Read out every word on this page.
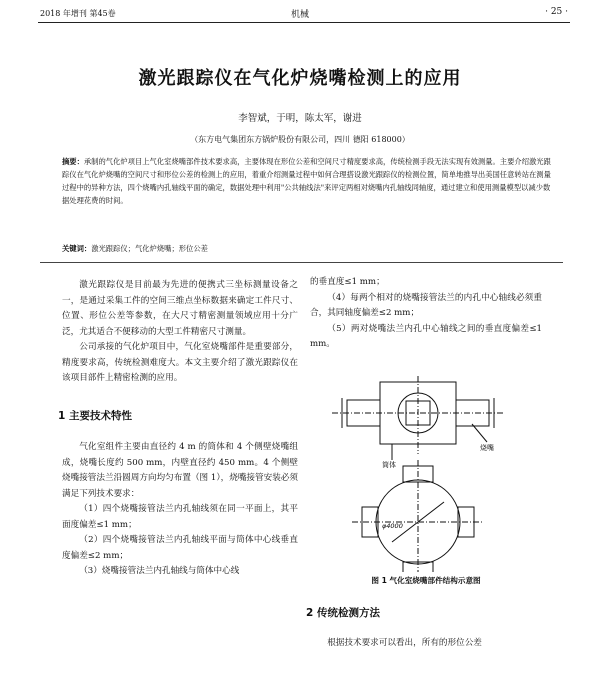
2018 年增刊 第45卷	机械	· 25 ·
激光跟踪仪在气化炉烧嘴检测上的应用
李智斌，于明，陈太军，谢进
（东方电气集团东方锅炉股份有限公司，四川 德阳 618000）
摘要：承制的气化炉项目上气化室烧嘴部件技术要求高，主要体现在形位公差和空间尺寸精度要求高，传统检测手段无法实现有效测量。主要介绍激光跟踪仪在气化炉烧嘴的空间尺寸和形位公差的检测上的应用，着重介绍测量过程中如何合理搭设激光跟踪仪的检测位置，简单地推导出美国任意转站在测量过程中的异种方法，四个烧嘴内孔轴线平面的确定，数据处理中利用"公共轴线法"来评定两相对烧嘴内孔轴线同轴度，通过建立和使用测量模型以减少数据处理花费的时间。
关键词：激光跟踪仪；气化炉烧嘴；形位公差

激光跟踪仪是目前最为先进的便携式三坐标测量设备之一，是通过采集工件的空间三维点坐标数据来确定工件尺寸、位置、形位公差等参数，在大尺寸精密测量领域应用十分广泛，尤其适合不便移动的大型工件精密尺寸测量。

公司承接的气化炉项目中，气化室烧嘴部件是重要部分，精度要求高，传统检测难度大。本文主要介绍了激光跟踪仪在该项目部件上精密检测的应用。

1 主要技术特性

气化室组件主要由直径约 4 m 的筒体和 4 个侧壁烧嘴组成，烧嘴长度约 500 mm，内壁直径约 450 mm。4 个侧壁烧嘴接管法兰沿圆周方向均匀布置（图 1），烧嘴接管安装必须满足下列技术要求：

（1）四个烧嘴接管法兰内孔轴线须在同一平面上，其平面度偏差≤1 mm；

（2）四个烧嘴接管法兰内孔轴线平面与筒体中心线垂直度偏差≤2 mm；

（3）烧嘴接管法兰内孔轴线与筒体中心线

的垂直度≤1 mm；

（4）每两个相对的烧嘴接管法兰的内孔中心轴线必须重合，其同轴度偏差≤2 mm；

（5）两对烧嘴法兰内孔中心轴线之间的垂直度偏差≤1 mm。

筒体
烧嘴
φ4000
图 1 气化室烧嘴部件结构示意图
2 传统检测方法

根据技术要求可以看出，所有的形位公差
